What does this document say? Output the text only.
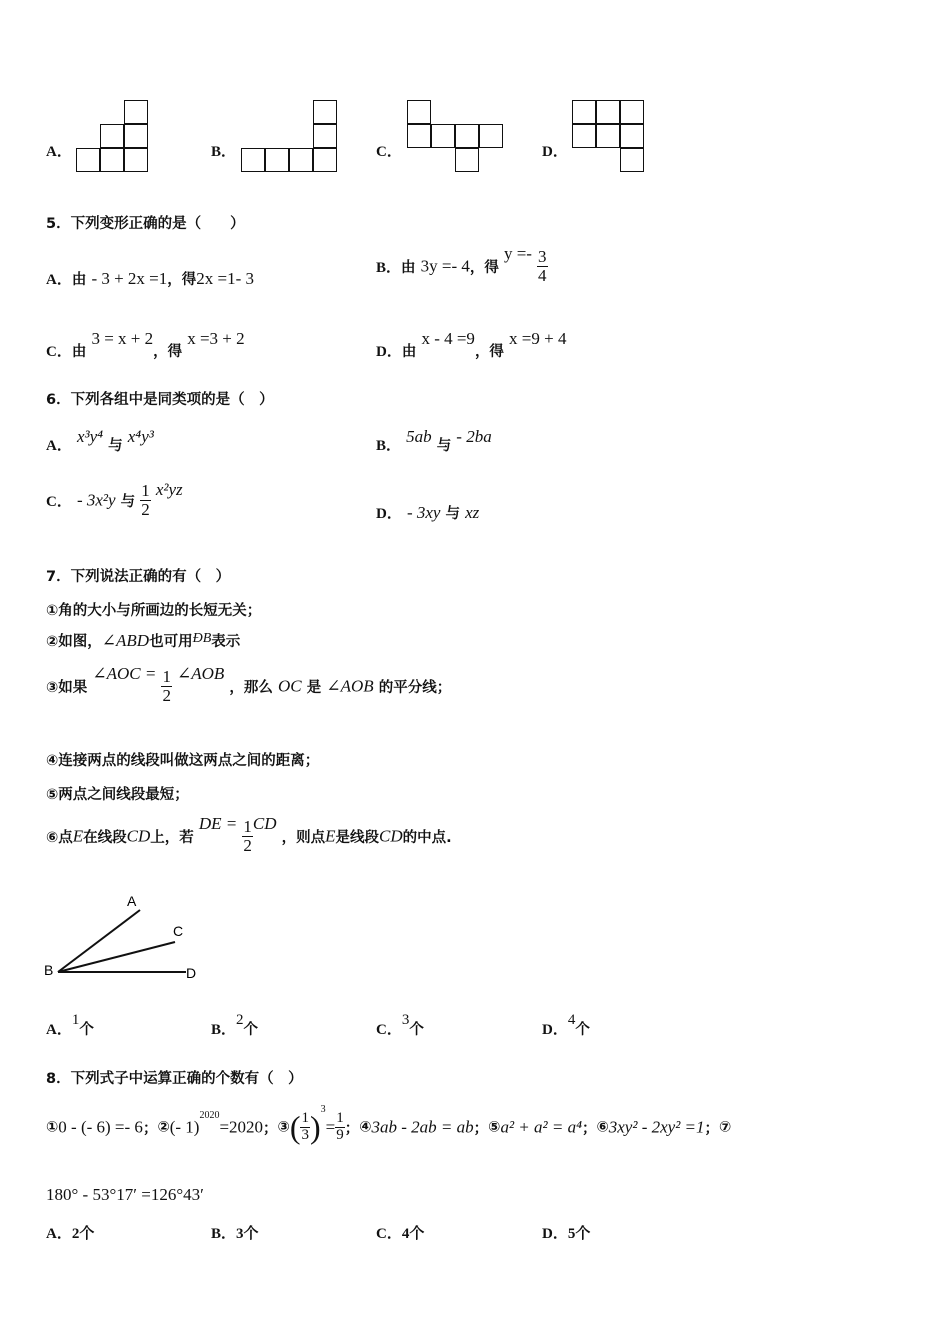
A．	B．	C．	D．
5．下列变形正确的是（　　）
A．由 - 3 + 2x =1，得2x =1- 3
B．由 3y =- 4，得 $y =- \frac{3}{4}$
C．由 3 = x + 2，得 x =3 + 2
D．由 x - 4 =9，得 x =9 + 4
6．下列各组中是同类项的是（　）
A． x³y⁴ 与 x⁴y³	B． 5ab 与 - 2ba
C． - 3x²y 与 $\frac{1}{2} x^2yz$
D． - 3xy 与 xz
7．下列说法正确的有（　）
①角的大小与所画边的长短无关；
②如图，∠ABD也可用ÐB表示
③如果 ∠AOC = $\frac{1}{2}$ ∠AOB ，那么 OC 是 ∠AOB 的平分线；
④连接两点的线段叫做这两点之间的距离；
⑤两点之间线段最短；
⑥点E在线段CD上，若 DE = $\frac{1}{2}$ CD ，则点E是线段CD的中点.
A
B
C
D
A．1个	B．2个	C．3个	D．4个
8．下列式子中运算正确的个数有（　）
①0 - (- 6) =- 6；②(- 1)$^{2020}$=2020；③( $\frac{1}{3} )^3= \frac{1}{9}$ ；④3ab - 2ab = ab；⑤a² + a² = a⁴；⑥3xy² - 2xy² =1；⑦
180° - 53°17′ =126°43′
A．2个	B．3个	C．4个	D．5个
